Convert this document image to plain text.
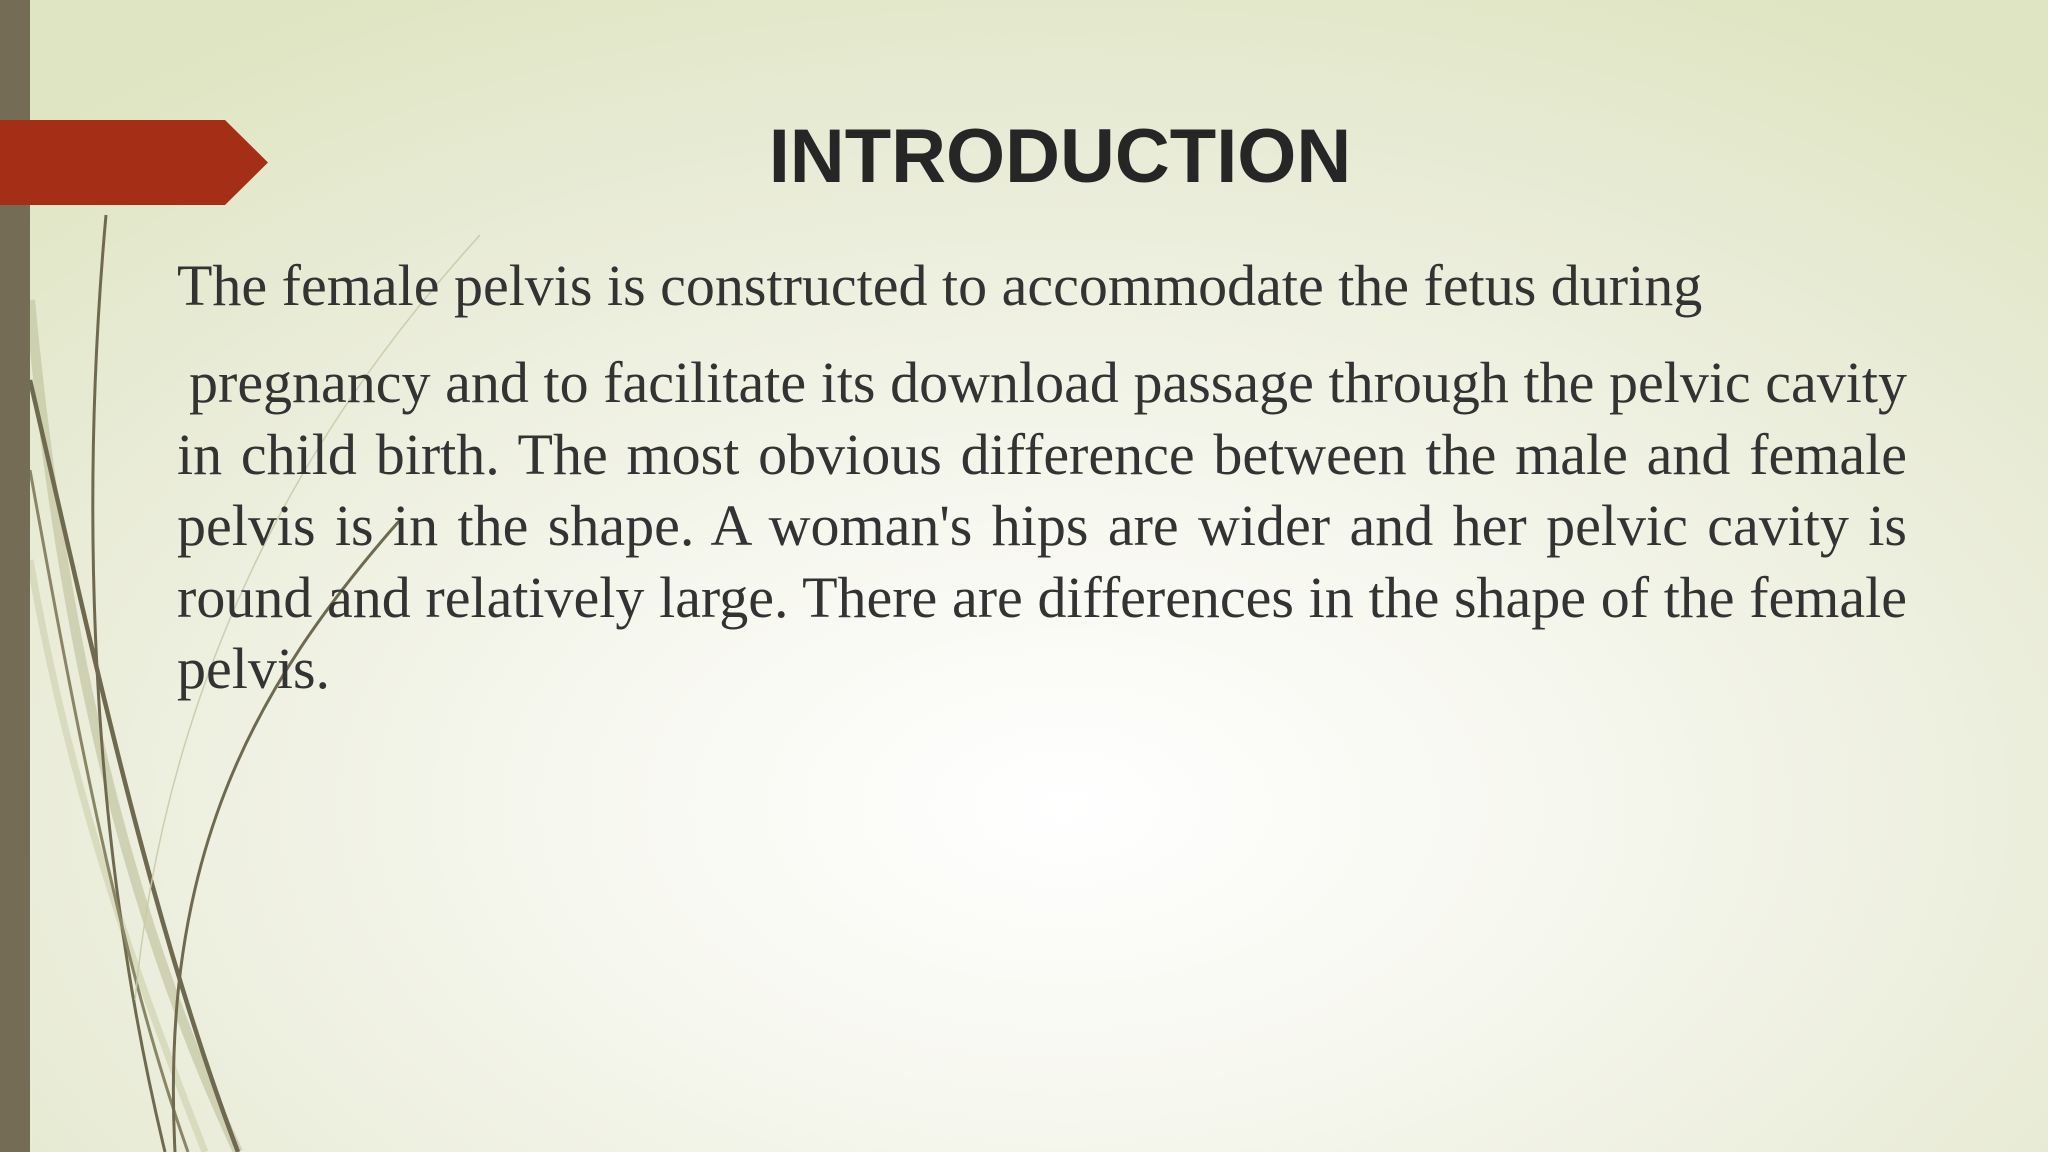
INTRODUCTION

The female pelvis is constructed to accommodate the fetus during

pregnancy and to facilitate its download passage through the pelvic cavity in child birth. The most obvious difference between the male and female pelvis is in the shape. A woman's hips are wider and her pelvic cavity is round and relatively large. There are differences in the shape of the female pelvis.
